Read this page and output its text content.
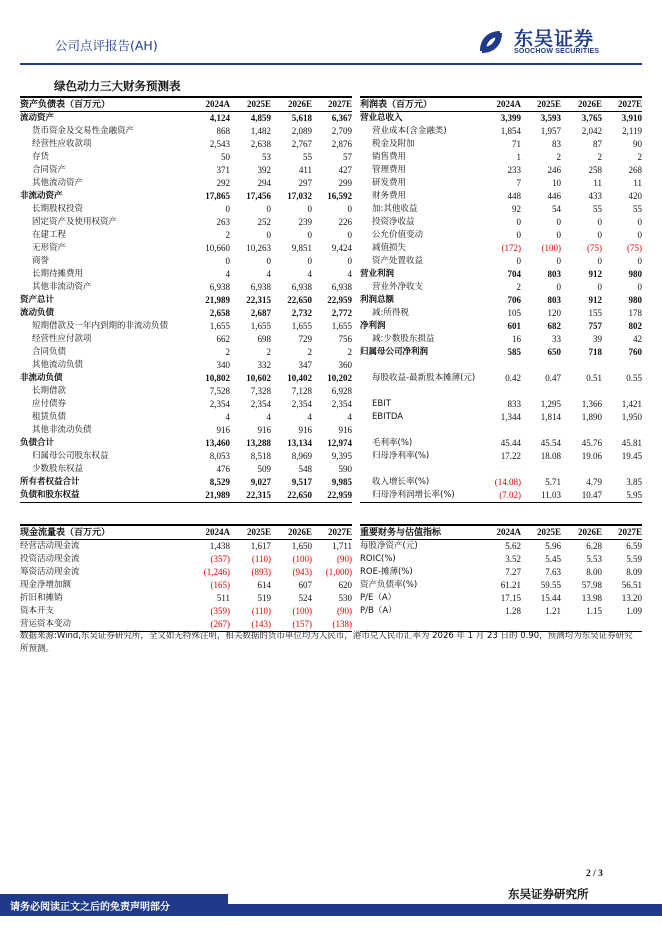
公司点评报告(AH)	东吴证券
SOOCHOW SECURITIES
绿色动力三大财务预测表
资产负债表（百万元）	2024A	2025E	2026E	2027E
流动资产	4,124	4,859	5,618	6,367
货币资金及交易性金融资产	868	1,482	2,089	2,709
经营性应收款项	2,543	2,638	2,767	2,876
存货	50	53	55	57
合同资产	371	392	411	427
其他流动资产	292	294	297	299
非流动资产	17,865	17,456	17,032	16,592
长期股权投资	0	0	0	0
固定资产及使用权资产	263	252	239	226
在建工程	2	0	0	0
无形资产	10,660	10,263	9,851	9,424
商誉	0	0	0	0
长期待摊费用	4	4	4	4
其他非流动资产	6,938	6,938	6,938	6,938
资产总计	21,989	22,315	22,650	22,959
流动负债	2,658	2,687	2,732	2,772
短期借款及一年内到期的非流动负债	1,655	1,655	1,655	1,655
经营性应付款项	662	698	729	756
合同负债	2	2	2	2
其他流动负债	340	332	347	360
非流动负债	10,802	10,602	10,402	10,202
长期借款	7,528	7,328	7,128	6,928
应付债券	2,354	2,354	2,354	2,354
租赁负债	4	4	4	4
其他非流动负债	916	916	916	916
负债合计	13,460	13,288	13,134	12,974
归属母公司股东权益	8,053	8,518	8,969	9,395
少数股东权益	476	509	548	590
所有者权益合计	8,529	9,027	9,517	9,985
负债和股东权益	21,989	22,315	22,650	22,959
利润表（百万元）	2024A	2025E	2026E	2027E
营业总收入	3,399	3,593	3,765	3,910
营业成本(含金融类)	1,854	1,957	2,042	2,119
税金及附加	71	83	87	90
销售费用	1	2	2	2
管理费用	233	246	258	268
研发费用	7	10	11	11
财务费用	448	446	433	420
加:其他收益	92	54	55	55
投资净收益	0	0	0	0
公允价值变动	0	0	0	0
减值损失	(172)	(100)	(75)	(75)
资产处置收益	0	0	0	0
营业利润	704	803	912	980
营业外净收支	2	0	0	0
利润总额	706	803	912	980
减:所得税	105	120	155	178
净利润	601	682	757	802
减:少数股东损益	16	33	39	42
归属母公司净利润	585	650	718	760

每股收益-最新股本摊薄(元)	0.42	0.47	0.51	0.55

EBIT	833	1,295	1,366	1,421
EBITDA	1,344	1,814	1,890	1,950

毛利率(%)	45.44	45.54	45.76	45.81
归母净利率(%)	17.22	18.08	19.06	19.45

收入增长率(%)	(14.08)	5.71	4.79	3.85
归母净利润增长率(%)	(7.02)	11.03	10.47	5.95
现金流量表（百万元）	2024A	2025E	2026E	2027E
经营活动现金流	1,438	1,617	1,650	1,711
投资活动现金流	(357)	(110)	(100)	(90)
筹资活动现金流	(1,246)	(893)	(943)	(1,000)
现金净增加额	(165)	614	607	620
折旧和摊销	511	519	524	530
资本开支	(359)	(110)	(100)	(90)
营运资本变动	(267)	(143)	(157)	(138)
重要财务与估值指标	2024A	2025E	2026E	2027E
每股净资产(元)	5.62	5.96	6.28	6.59
ROIC(%)	3.52	5.45	5.53	5.59
ROE-摊薄(%)	7.27	7.63	8.00	8.09
资产负债率(%)	61.21	59.55	57.98	56.51
P/E（A）	17.15	15.44	13.98	13.20
P/B（A）	1.28	1.21	1.15	1.09

数据来源:Wind,东吴证券研究所，全文如无特殊注明，相关数据的货币单位均为人民币，港币兑人民币汇率为 2026 年 1 月 23 日的 0.90，预测均为东吴证券研究所预测。
2 / 3
请务必阅读正文之后的免责声明部分
东吴证券研究所
